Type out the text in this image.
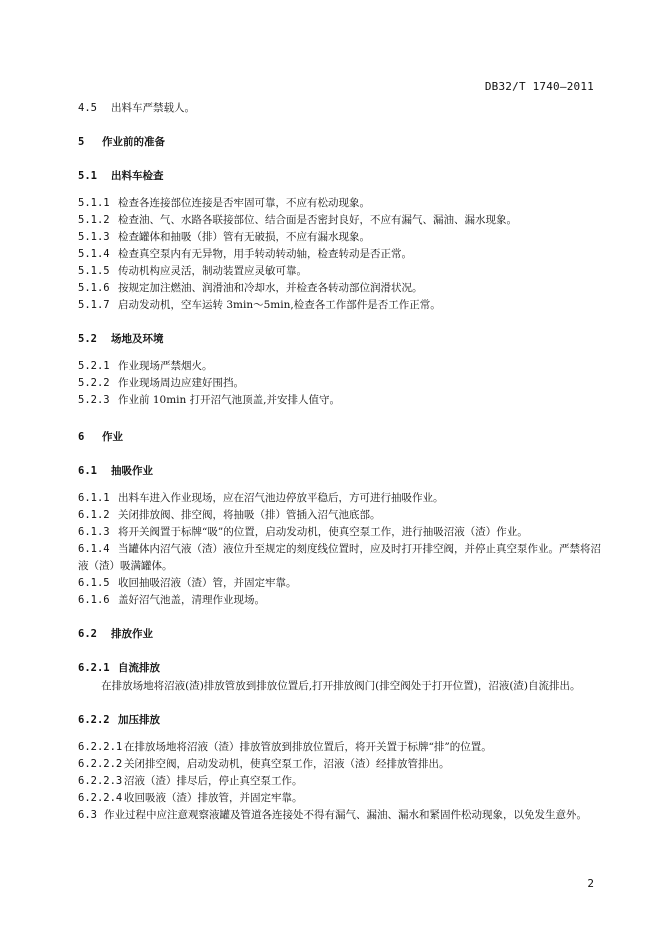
DB32/T 1740—2011

4.5	出料车严禁载人。

5	作业前的准备

5.1	出料车检查

5.1.1 检查各连接部位连接是否牢固可靠，不应有松动现象。

5.1.2 检查油、气、水路各联接部位、结合面是否密封良好，不应有漏气、漏油、漏水现象。

5.1.3 检查罐体和抽吸（排）管有无破损，不应有漏水现象。

5.1.4 检查真空泵内有无异物，用手转动转动轴，检查转动是否正常。

5.1.5 传动机构应灵活，制动装置应灵敏可靠。

5.1.6 按规定加注燃油、润滑油和冷却水，并检查各转动部位润滑状况。

5.1.7 启动发动机，空车运转 3min～5min,检查各工作部件是否工作正常。

5.2	场地及环境

5.2.1 作业现场严禁烟火。

5.2.2 作业现场周边应建好围挡。

5.2.3 作业前 10min 打开沼气池顶盖,并安排人值守。

6	作业

6.1	抽吸作业

6.1.1 出料车进入作业现场，应在沼气池边停放平稳后，方可进行抽吸作业。

6.1.2 关闭排放阀、排空阀，将抽吸（排）管插入沼气池底部。

6.1.3 将开关阀置于标牌“吸”的位置，启动发动机，使真空泵工作，进行抽吸沼液（渣）作业。

6.1.4 当罐体内沼气液（渣）液位升至规定的刻度线位置时，应及时打开排空阀，并停止真空泵作业。严禁将沼液（渣）吸满罐体。

6.1.5 收回抽吸沼液（渣）管，并固定牢靠。

6.1.6 盖好沼气池盖，清理作业现场。

6.2	排放作业

6.2.1 自流排放

在排放场地将沼液(渣)排放管放到排放位置后,打开排放阀门(排空阀处于打开位置)，沼液(渣)自流排出。

6.2.2 加压排放

6.2.2.1 在排放场地将沼液（渣）排放管放到排放位置后，将开关置于标牌“排”的位置。

6.2.2.2 关闭排空阀，启动发动机，使真空泵工作，沼液（渣）经排放管排出。

6.2.2.3 沼液（渣）排尽后，停止真空泵工作。

6.2.2.4 收回吸液（渣）排放管，并固定牢靠。

6.3 作业过程中应注意观察液罐及管道各连接处不得有漏气、漏油、漏水和紧固件松动现象，以免发生意外。

2
